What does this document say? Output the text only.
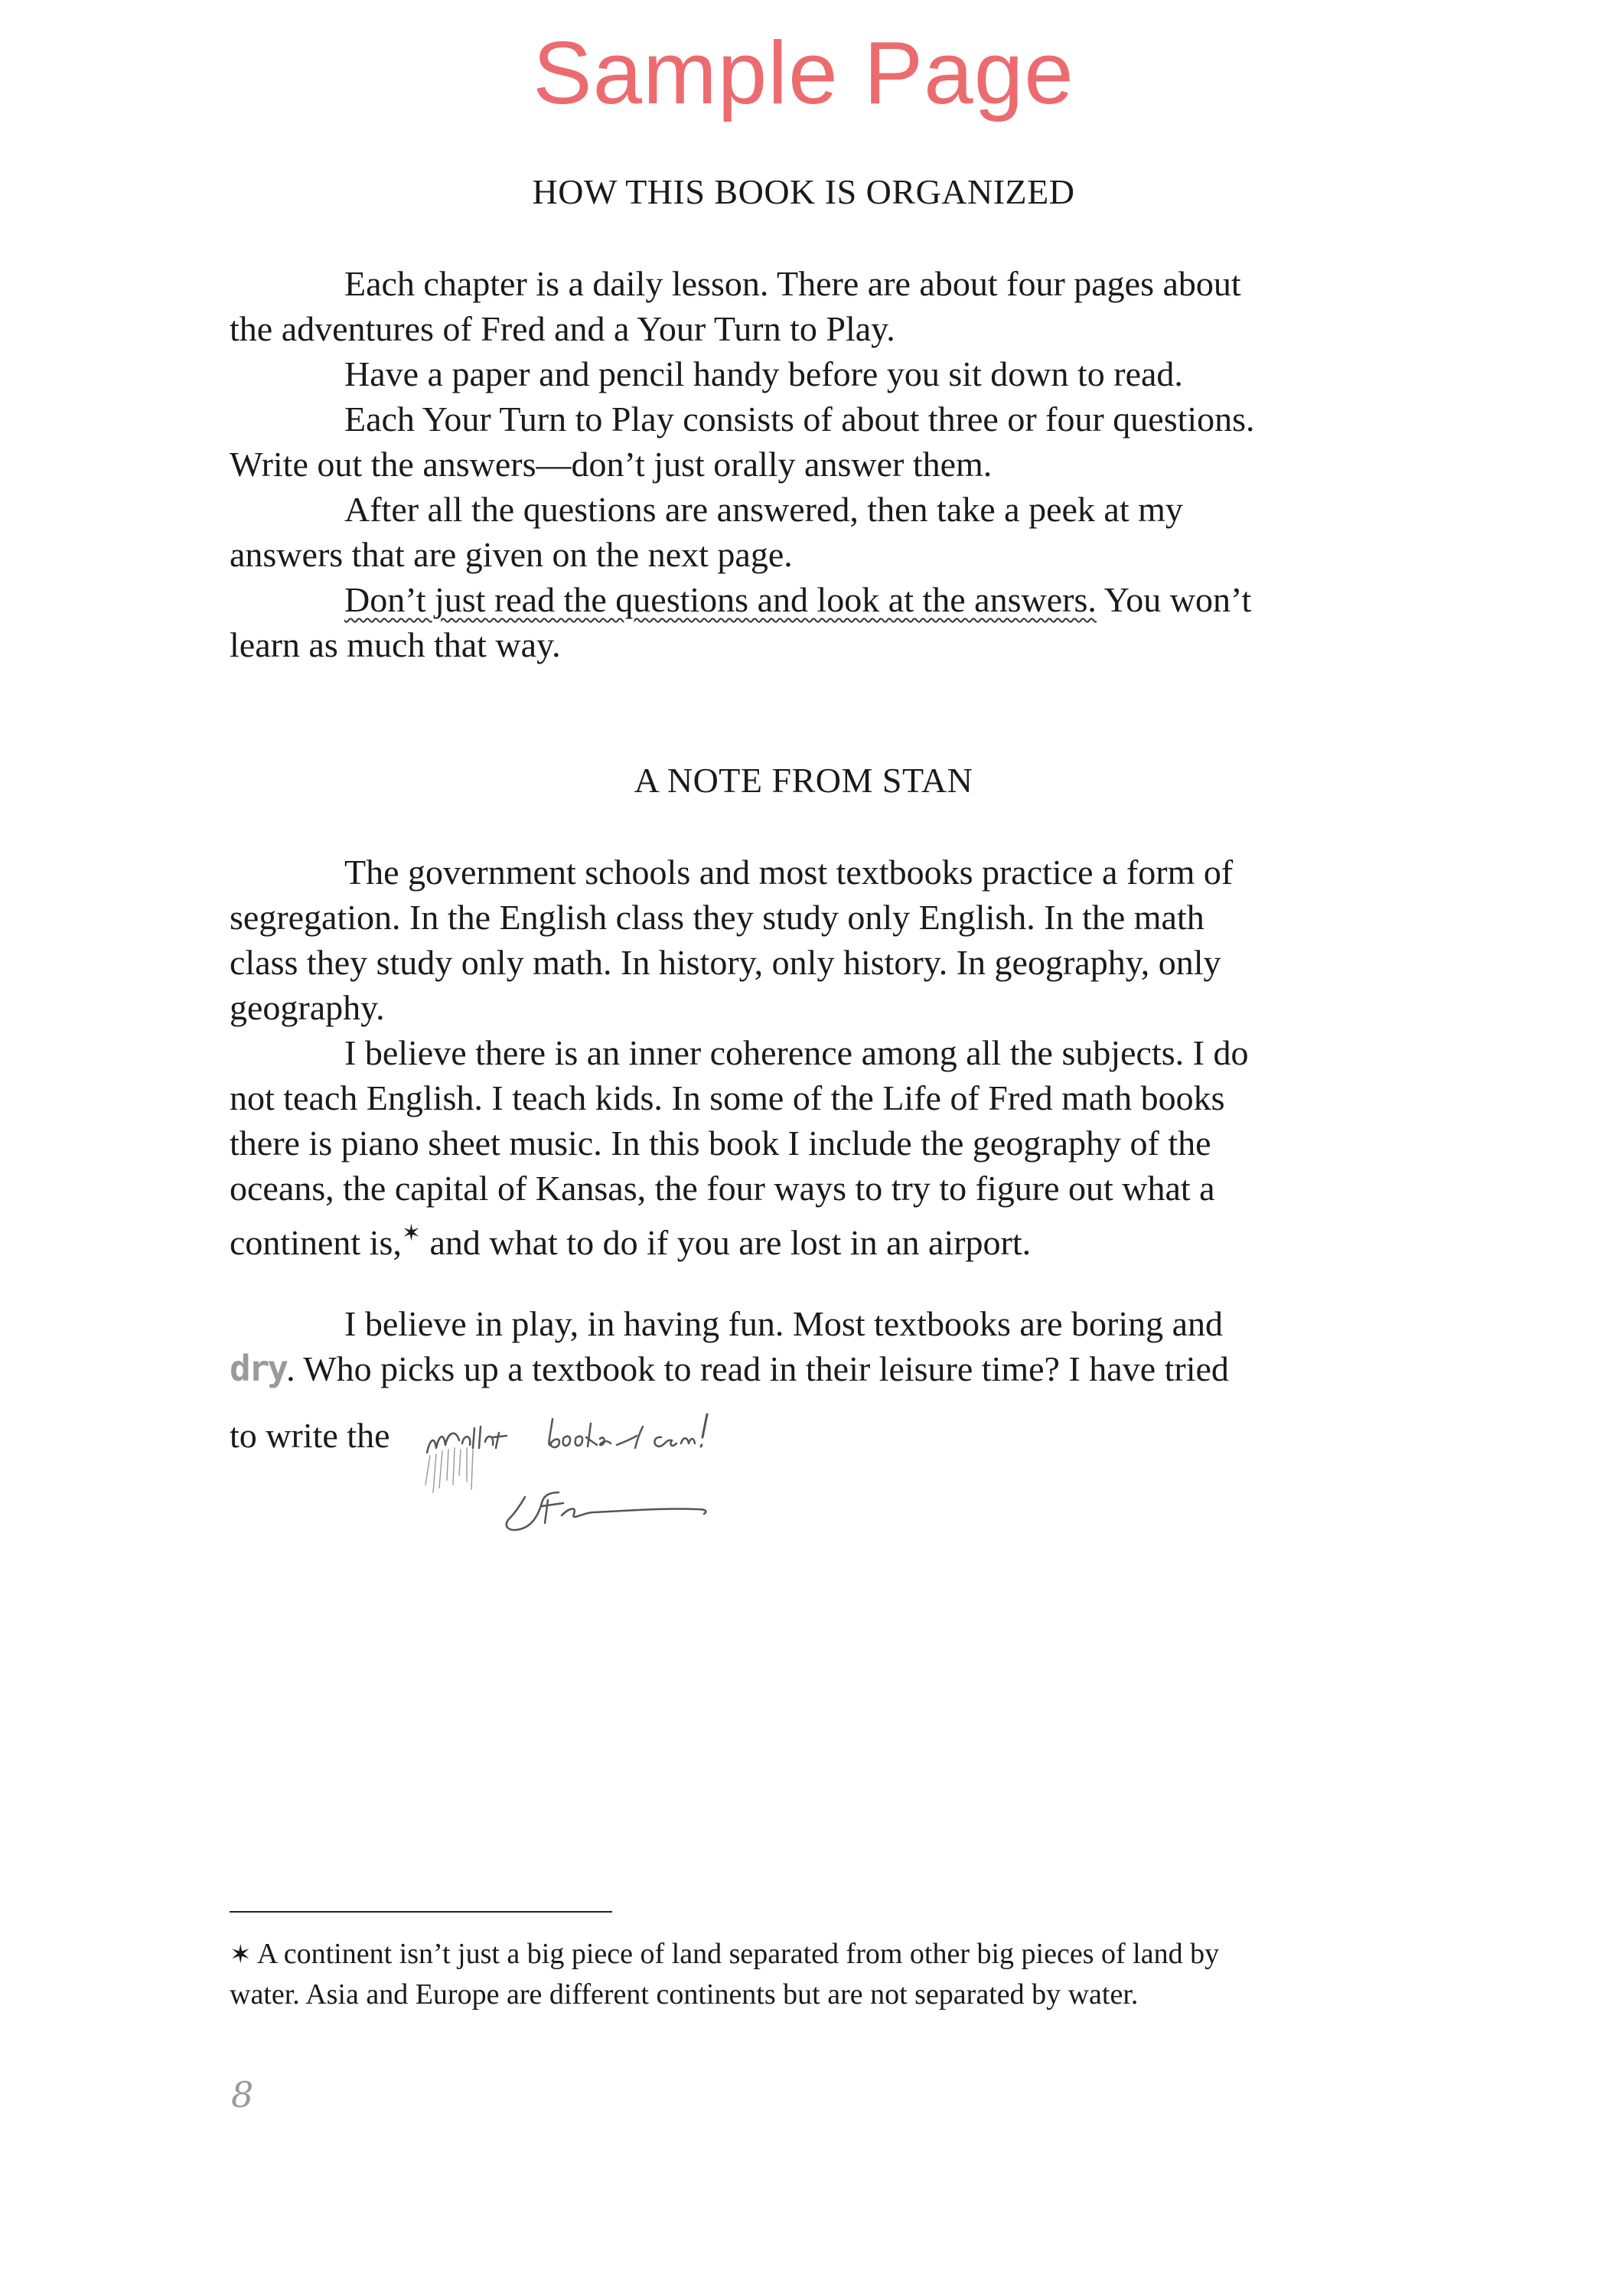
Sample Page
HOW THIS BOOK IS ORGANIZED
Each chapter is a daily lesson. There are about four pages about
the adventures of Fred and a Your Turn to Play.
Have a paper and pencil handy before you sit down to read.
Each Your Turn to Play consists of about three or four questions.
Write out the answers—don’t just orally answer them.
After all the questions are answered, then take a peek at my
answers that are given on the next page.
Don’t just read the questions and look at the answers. You won’t
learn as much that way.
A NOTE FROM STAN
The government schools and most textbooks practice a form of
segregation. In the English class they study only English. In the math
class they study only math. In history, only history. In geography, only
geography.
I believe there is an inner coherence among all the subjects. I do
not teach English. I teach kids. In some of the Life of Fred math books
there is piano sheet music. In this book I include the geography of the
oceans, the capital of Kansas, the four ways to try to figure out what a
continent is,✶ and what to do if you are lost in an airport.
I believe in play, in having fun. Most textbooks are boring and
dry. Who picks up a textbook to read in their leisure time? I have tried
to write the
✶ A continent isn’t just a big piece of land separated from other big pieces of land by
water. Asia and Europe are different continents but are not separated by water.
8
